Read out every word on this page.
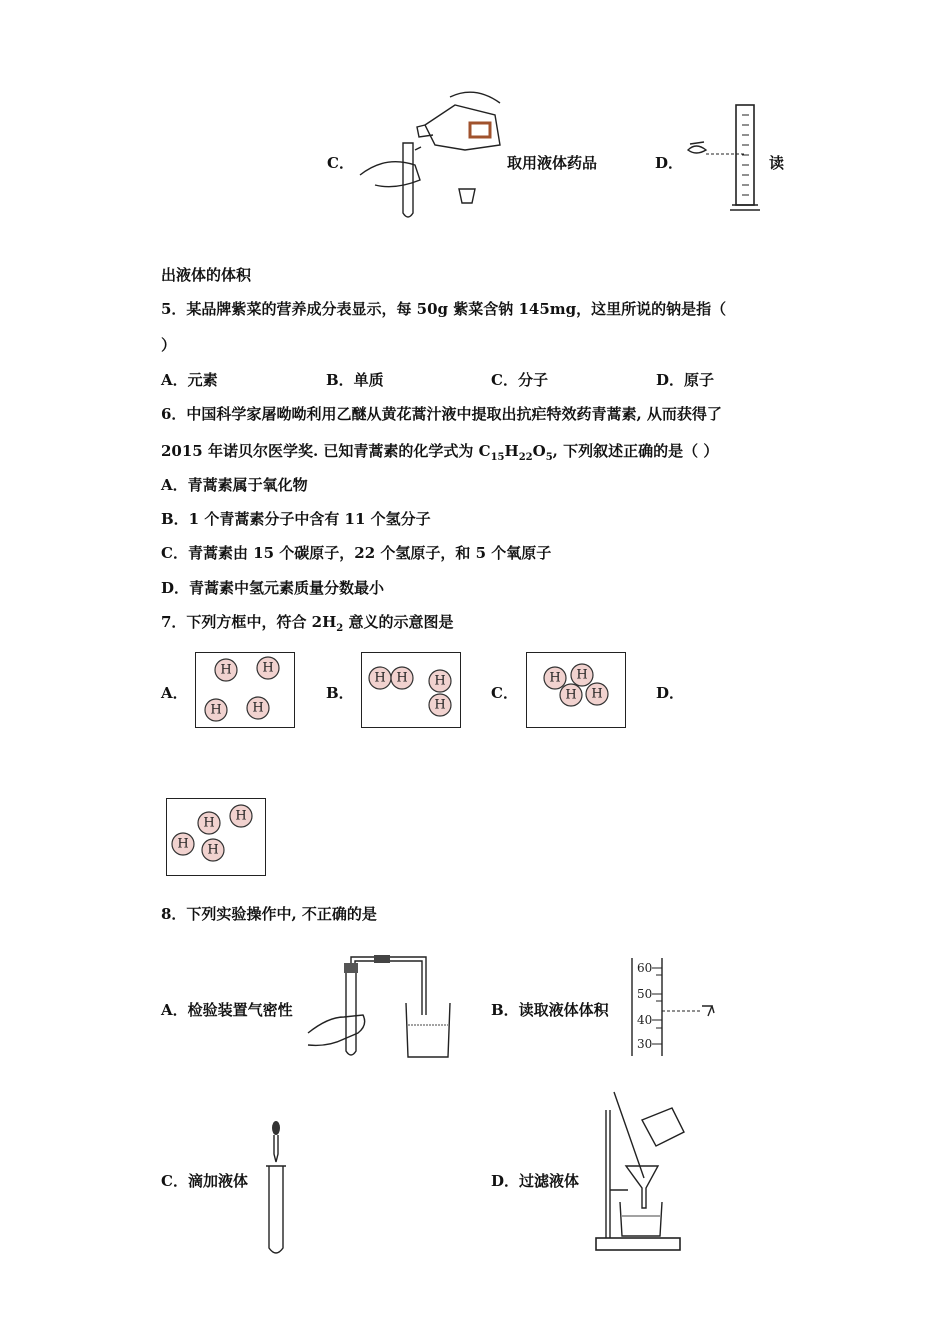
C．	取用液体药品	D．	读
出液体的体积
5．某品牌紫菜的营养成分表显示，每 50g 紫菜含钠 145mg，这里所说的钠是指（
）
A．元素	B．单质	C．分子	D．原子
6．中国科学家屠呦呦利用乙醚从黄花蒿汁液中提取出抗疟特效药青蒿素, 从而获得了
2015 年诺贝尔医学奖. 已知青蒿素的化学式为 $C_{15}H_{22}O_5$, 下列叙述正确的是（ ）
A．青蒿素属于氧化物
B．1 个青蒿素分子中含有 11 个氢分子
C．青蒿素由 15 个碳原子，22 个氢原子，和 5 个氧原子
D．青蒿素中氢元素质量分数最小
7．下列方框中，符合 $2H_2$ 意义的示意图是
A．
H H
H H
B．
H H H
H
C．
H H
H H	D．
H H
H H
8．下列实验操作中, 不正确的是
A．检验装置气密性	B．读取液体体积
60
50
40
30
C．滴加液体	D．过滤液体
